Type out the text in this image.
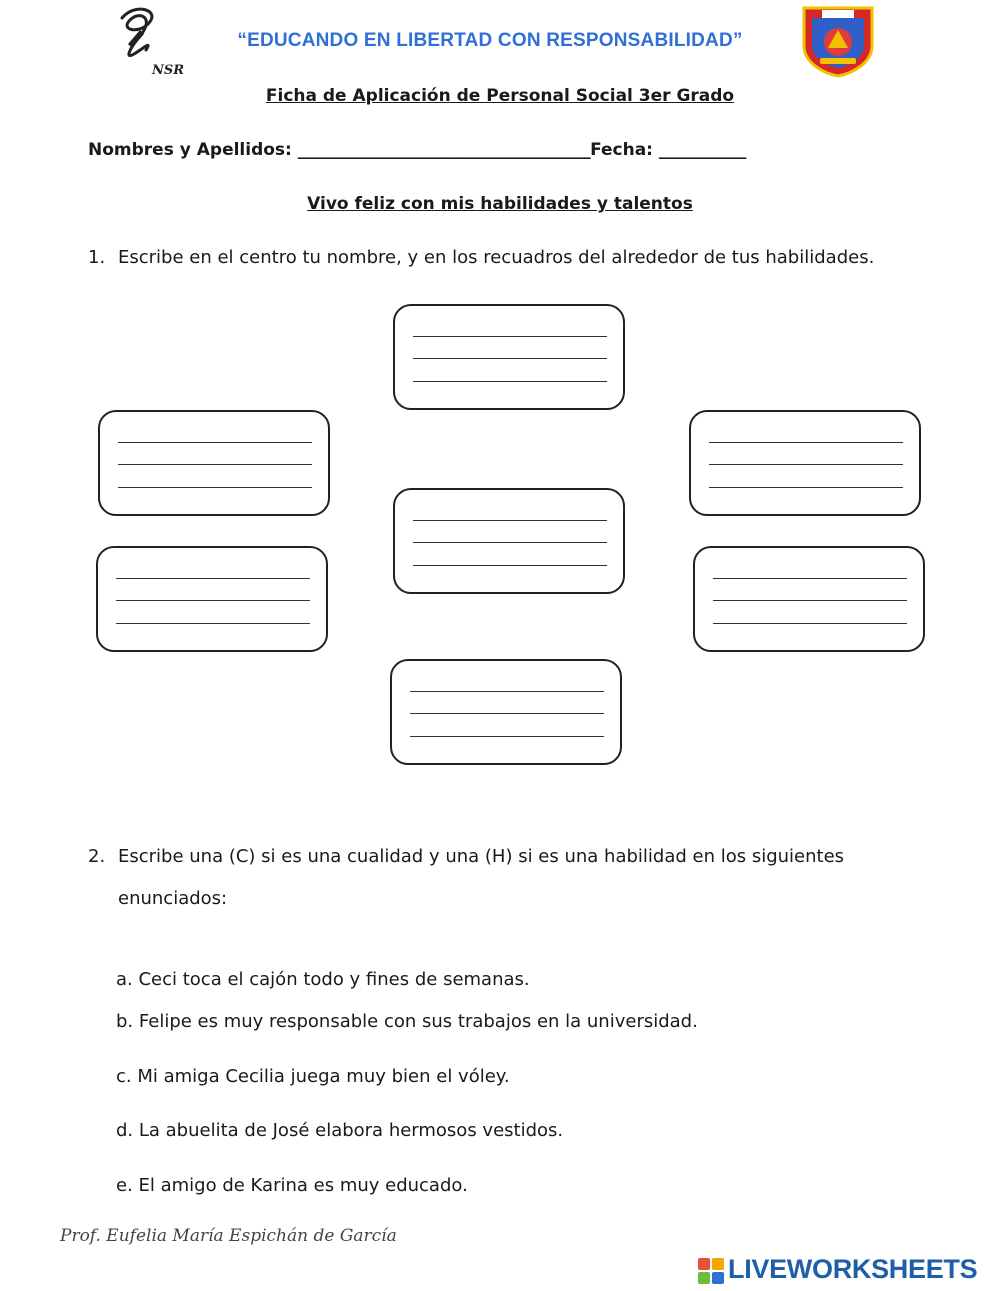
NSR
“EDUCANDO EN LIBERTAD CON RESPONSABILIDAD”
Ficha de Aplicación de Personal Social 3er Grado
Nombres y Apellidos: _____________________________________Fecha: ___________
Vivo feliz con mis habilidades y talentos
1. Escribe en el centro tu nombre, y en los recuadros del alrededor de tus habilidades.
2. Escribe una (C) si es una cualidad y una (H) si es una habilidad en los siguientes
enunciados:
a. Ceci toca el cajón todo y fines de semanas.
b. Felipe es muy responsable con sus trabajos en la universidad.
c. Mi amiga Cecilia juega muy bien el vóley.
d. La abuelita de José elabora hermosos vestidos.
e. El amigo de Karina es muy educado.
Prof. Eufelia María Espichán de García
LIVEWORKSHEETS
